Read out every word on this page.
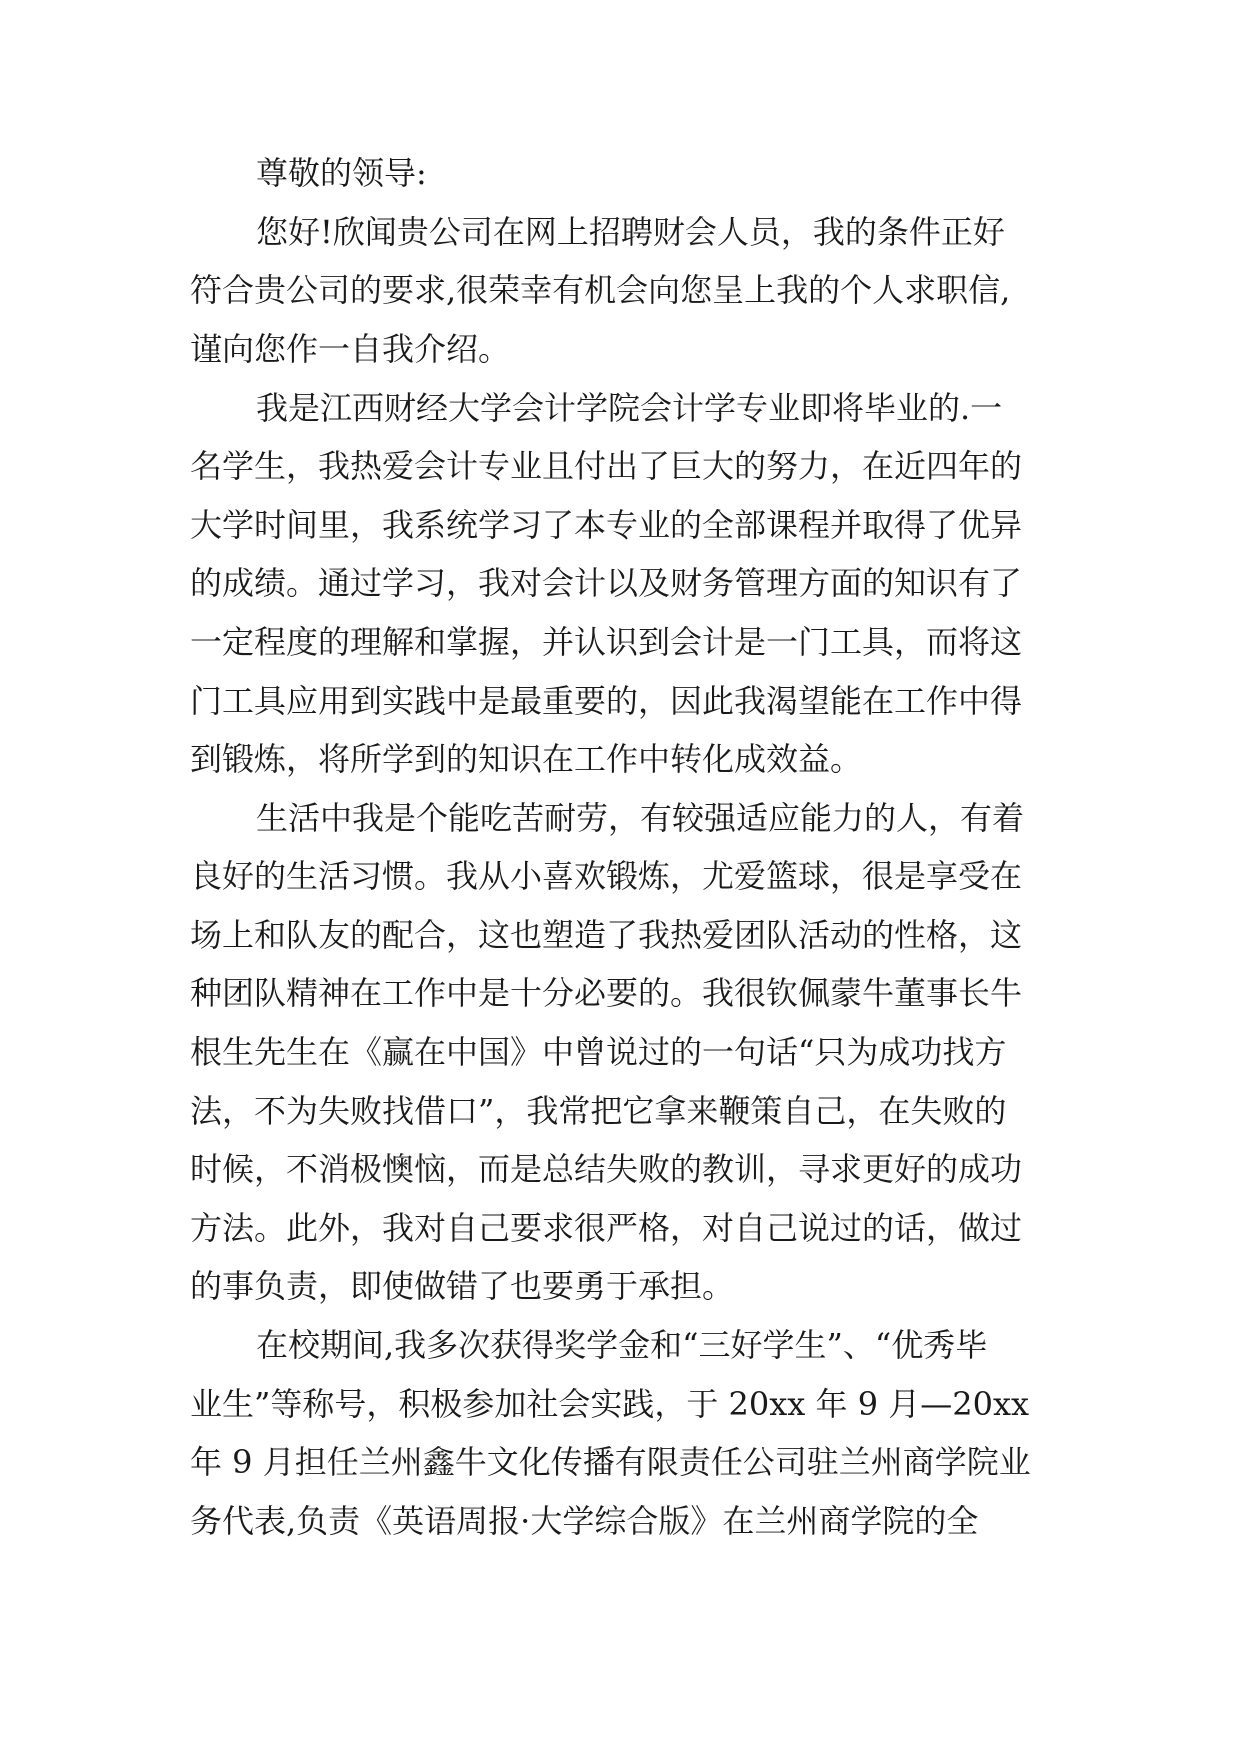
尊敬的领导:

您好!欣闻贵公司在网上招聘财会人员，我的条件正好

符合贵公司的要求,很荣幸有机会向您呈上我的个人求职信,

谨向您作一自我介绍。

我是江西财经大学会计学院会计学专业即将毕业的.一

名学生，我热爱会计专业且付出了巨大的努力，在近四年的

大学时间里，我系统学习了本专业的全部课程并取得了优异

的成绩。通过学习，我对会计以及财务管理方面的知识有了

一定程度的理解和掌握，并认识到会计是一门工具，而将这

门工具应用到实践中是最重要的，因此我渴望能在工作中得

到锻炼，将所学到的知识在工作中转化成效益。

生活中我是个能吃苦耐劳，有较强适应能力的人，有着

良好的生活习惯。我从小喜欢锻炼，尤爱篮球，很是享受在

场上和队友的配合，这也塑造了我热爱团队活动的性格，这

种团队精神在工作中是十分必要的。我很钦佩蒙牛董事长牛

根生先生在《赢在中国》中曾说过的一句话“只为成功找方

法，不为失败找借口”，我常把它拿来鞭策自己，在失败的

时候，不消极懊恼，而是总结失败的教训，寻求更好的成功

方法。此外，我对自己要求很严格，对自己说过的话，做过

的事负责，即使做错了也要勇于承担。

在校期间,我多次获得奖学金和“三好学生”、“优秀毕

业生”等称号，积极参加社会实践，于 20xx 年 9 月—20xx

年 9 月担任兰州鑫牛文化传播有限责任公司驻兰州商学院业

务代表,负责《英语周报·大学综合版》在兰州商学院的全
